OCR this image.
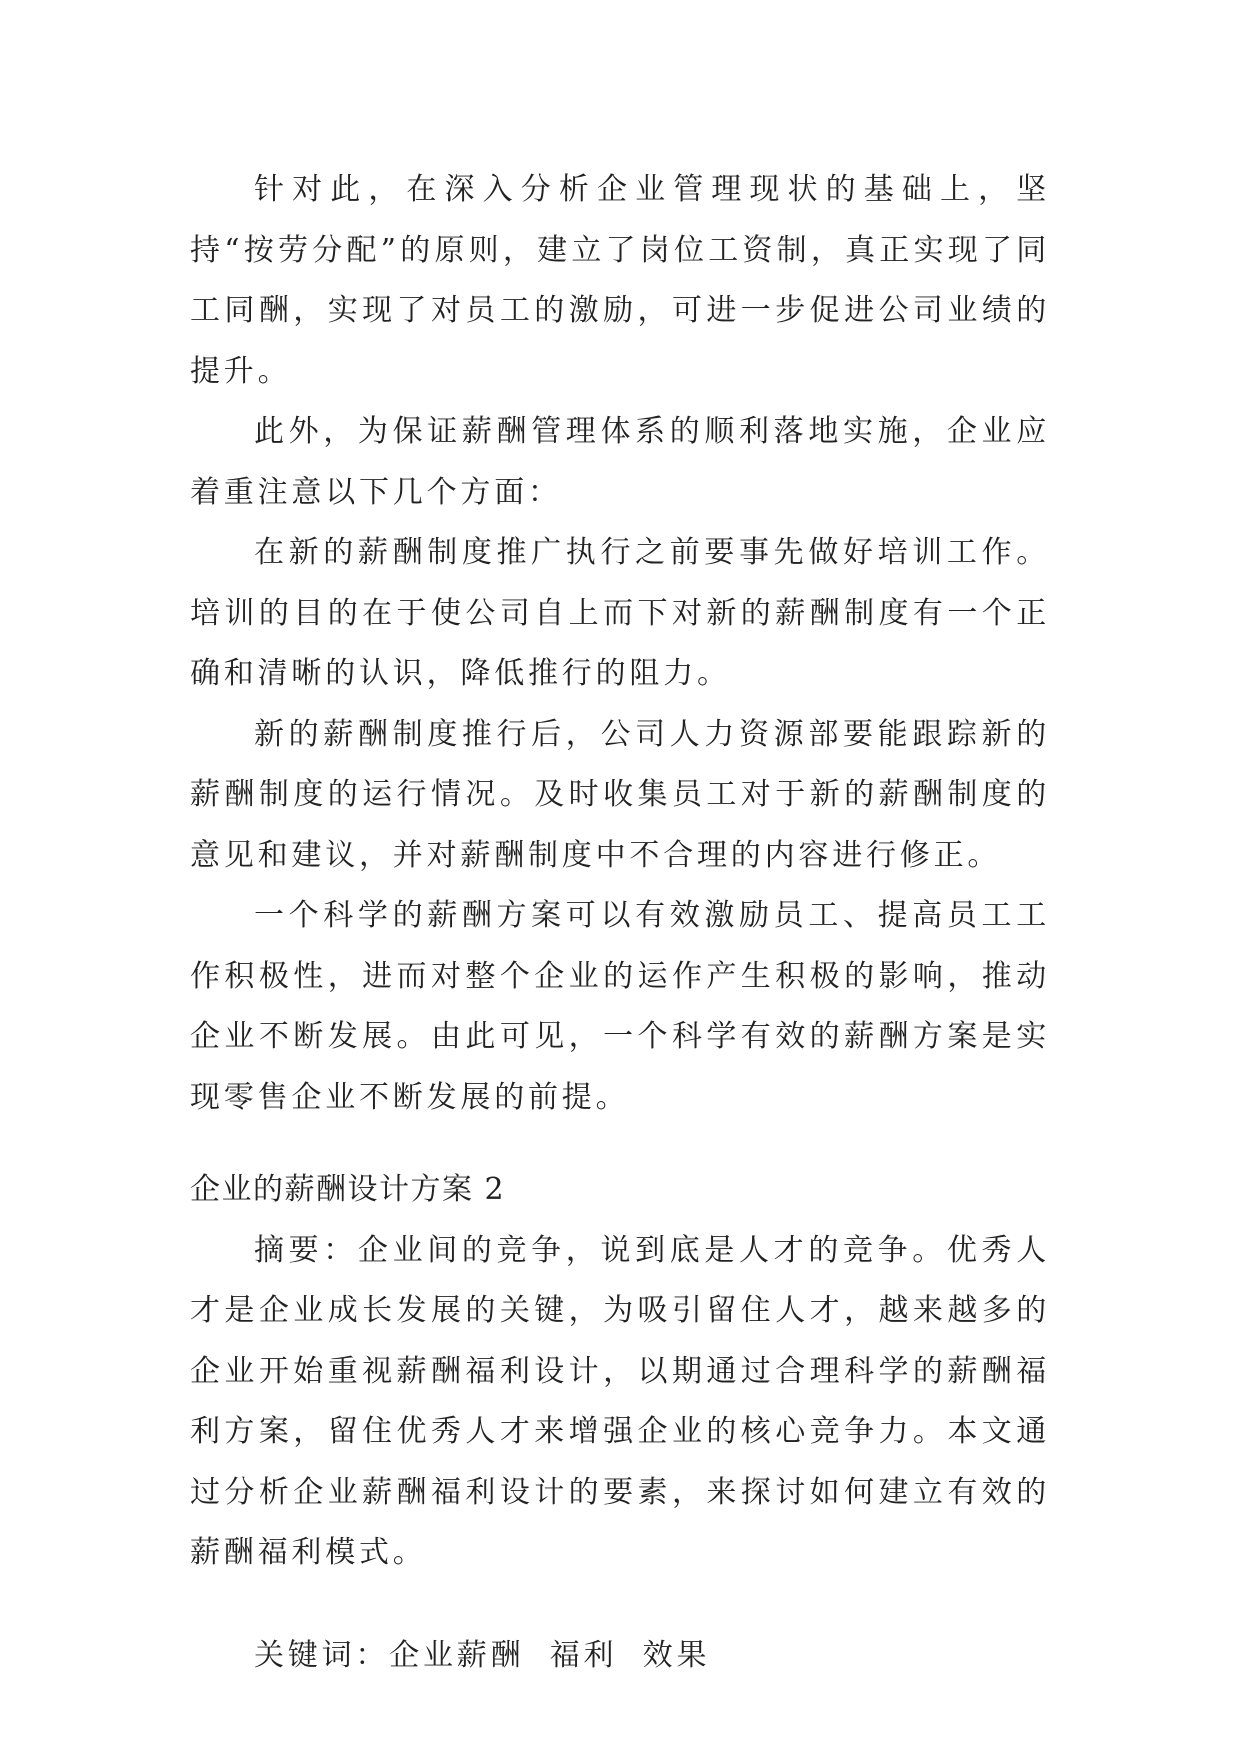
针对此，在深入分析企业管理现状的基础上，坚持“按劳分配”的原则，建立了岗位工资制，真正实现了同工同酬，实现了对员工的激励，可进一步促进公司业绩的提升。

此外，为保证薪酬管理体系的顺利落地实施，企业应着重注意以下几个方面：

在新的薪酬制度推广执行之前要事先做好培训工作。培训的目的在于使公司自上而下对新的薪酬制度有一个正确和清晰的认识，降低推行的阻力。

新的薪酬制度推行后，公司人力资源部要能跟踪新的薪酬制度的运行情况。及时收集员工对于新的薪酬制度的意见和建议，并对薪酬制度中不合理的内容进行修正。

一个科学的薪酬方案可以有效激励员工、提高员工工作积极性，进而对整个企业的运作产生积极的影响，推动企业不断发展。由此可见，一个科学有效的薪酬方案是实现零售企业不断发展的前提。

企业的薪酬设计方案 2

摘要：企业间的竞争，说到底是人才的竞争。优秀人才是企业成长发展的关键，为吸引留住人才，越来越多的企业开始重视薪酬福利设计，以期通过合理科学的薪酬福利方案，留住优秀人才来增强企业的核心竞争力。本文通过分析企业薪酬福利设计的要素，来探讨如何建立有效的薪酬福利模式。

关键词：企业薪酬 福利 效果
